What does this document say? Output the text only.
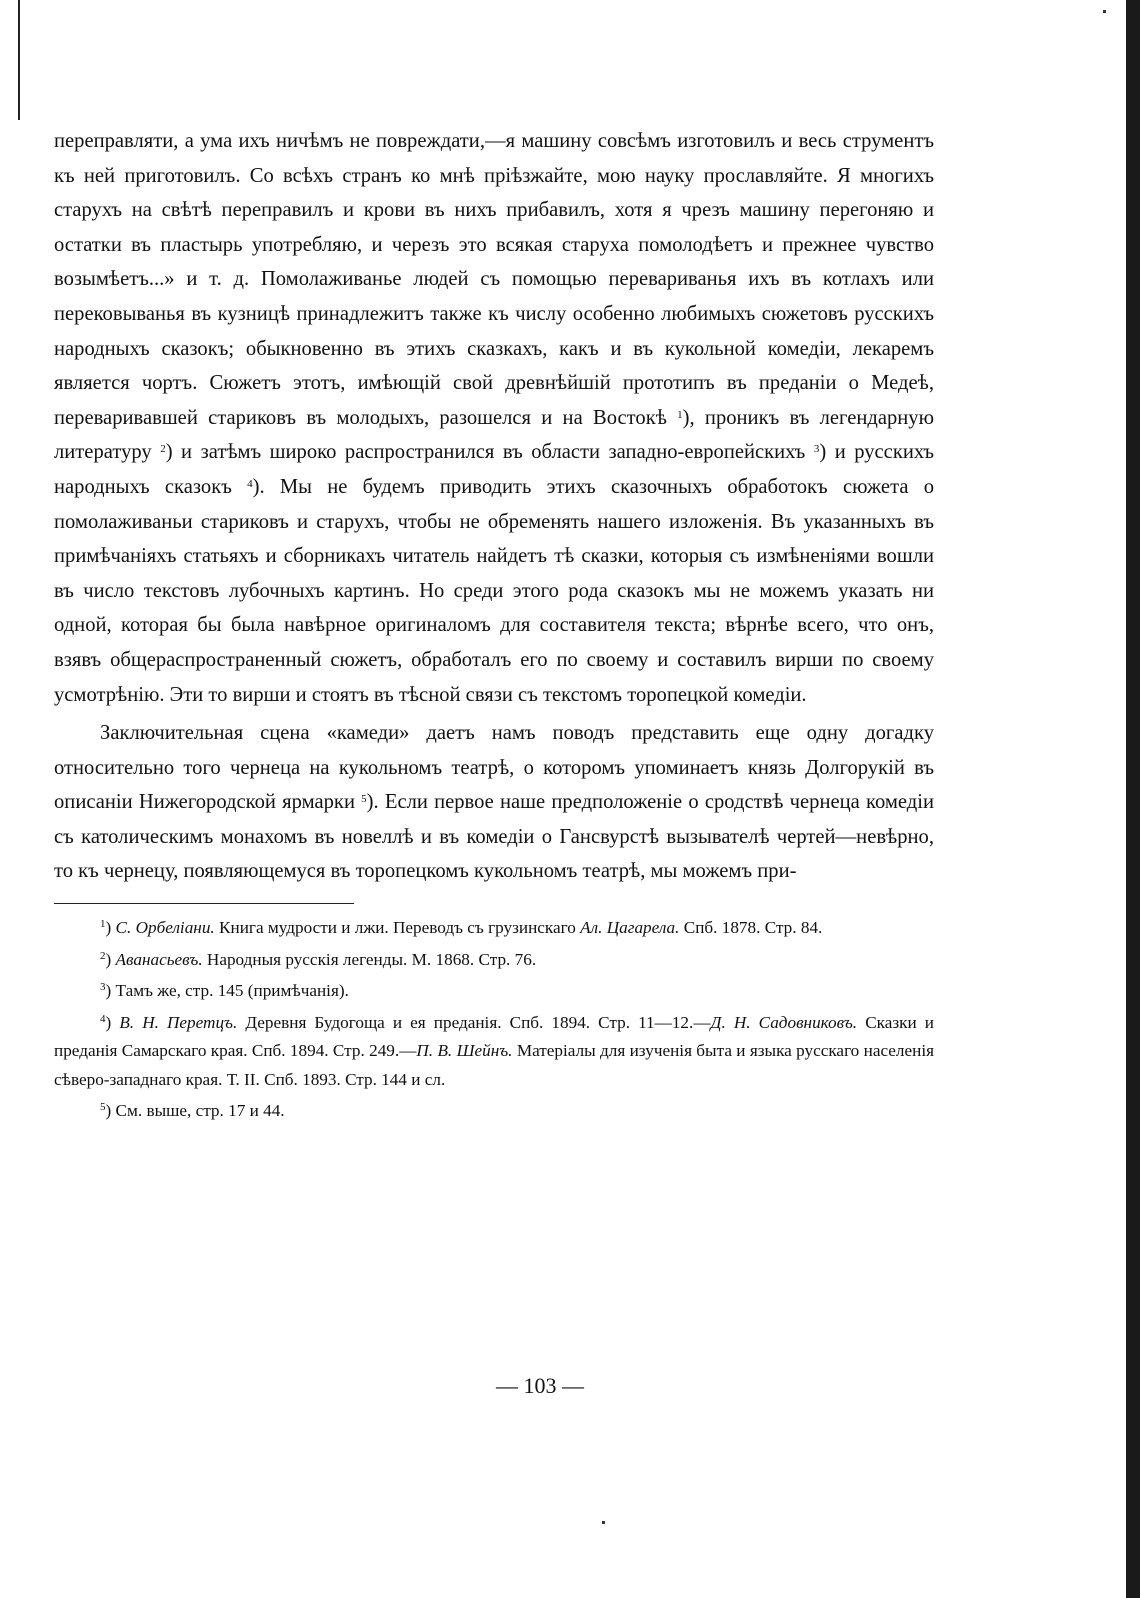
переправляти, а ума ихъ ничѣмъ не повреждати,—я машину совсѣмъ изготовилъ и весь струментъ къ ней приготовилъ. Со всѣхъ странъ ко мнѣ пріѣзжайте, мою науку прославляйте. Я многихъ старухъ на свѣтѣ переправилъ и крови въ нихъ прибавилъ, хотя я чрезъ машину перегоняю и остатки въ пластырь употребляю, и черезъ это всякая старуха помолодѣетъ и прежнее чувство возымѣетъ...» и т. д. Помолаживанье людей съ помощью перевариванья ихъ въ котлахъ или перековыванья въ кузницѣ принадлежитъ также къ числу особенно любимыхъ сюжетовъ русскихъ народныхъ сказокъ; обыкновенно въ этихъ сказкахъ, какъ и въ кукольной комедіи, лекаремъ является чортъ. Сюжетъ этотъ, имѣющій свой древнѣйшій прототипъ въ преданіи о Медеѣ, переваривавшей стариковъ въ молодыхъ, разошелся и на Востокѣ $^1$), проникъ въ легендарную литературу $^2$) и затѣмъ широко распространился въ области западно-европейскихъ $^3$) и русскихъ народныхъ сказокъ $^4$). Мы не будемъ приводить этихъ сказочныхъ обработокъ сюжета о помолаживаньи стариковъ и старухъ, чтобы не обременять нашего изложенія. Въ указанныхъ въ примѣчаніяхъ статьяхъ и сборникахъ читатель найдетъ тѣ сказки, которыя съ измѣненіями вошли въ число текстовъ лубочныхъ картинъ. Но среди этого рода сказокъ мы не можемъ указать ни одной, которая бы была навѣрное оригиналомъ для составителя текста; вѣрнѣе всего, что онъ, взявъ общераспространенный сюжетъ, обработалъ его по своему и составилъ вирши по своему усмотрѣнію. Эти то вирши и стоятъ въ тѣсной связи съ текстомъ торопецкой комедіи.

Заключительная сцена «камеди» даетъ намъ поводъ представить еще одну догадку относительно того чернеца на кукольномъ театрѣ, о которомъ упоминаетъ князь Долгорукій въ описаніи Нижегородской ярмарки $^5$). Если первое наше предположеніе о сродствѣ чернеца комедіи съ католическимъ монахомъ въ новеллѣ и въ комедіи о Гансвурстѣ вызывателѣ чертей—невѣрно, то къ чернецу, появляющемуся въ торопецкомъ кукольномъ театрѣ, мы можемъ при-

$^1$) С. Орбеліани. Книга мудрости и лжи. Переводъ съ грузинскаго Ал. Цагарела. Спб. 1878. Стр. 84.

$^2$) Аванасьевъ. Народныя русскія легенды. М. 1868. Стр. 76.

$^3$) Тамъ же, стр. 145 (примѣчанія).

$^4$) В. Н. Перетцъ. Деревня Будогоща и ея преданія. Спб. 1894. Стр. 11—12.—Д. Н. Садовниковъ. Сказки и преданія Самарскаго края. Спб. 1894. Стр. 249.—П. В. Шейнъ. Матеріалы для изученія быта и языка русскаго населенія сѣверо-западнаго края. Т. II. Спб. 1893. Стр. 144 и сл.

$^5$) См. выше, стр. 17 и 44.

— 103 —
